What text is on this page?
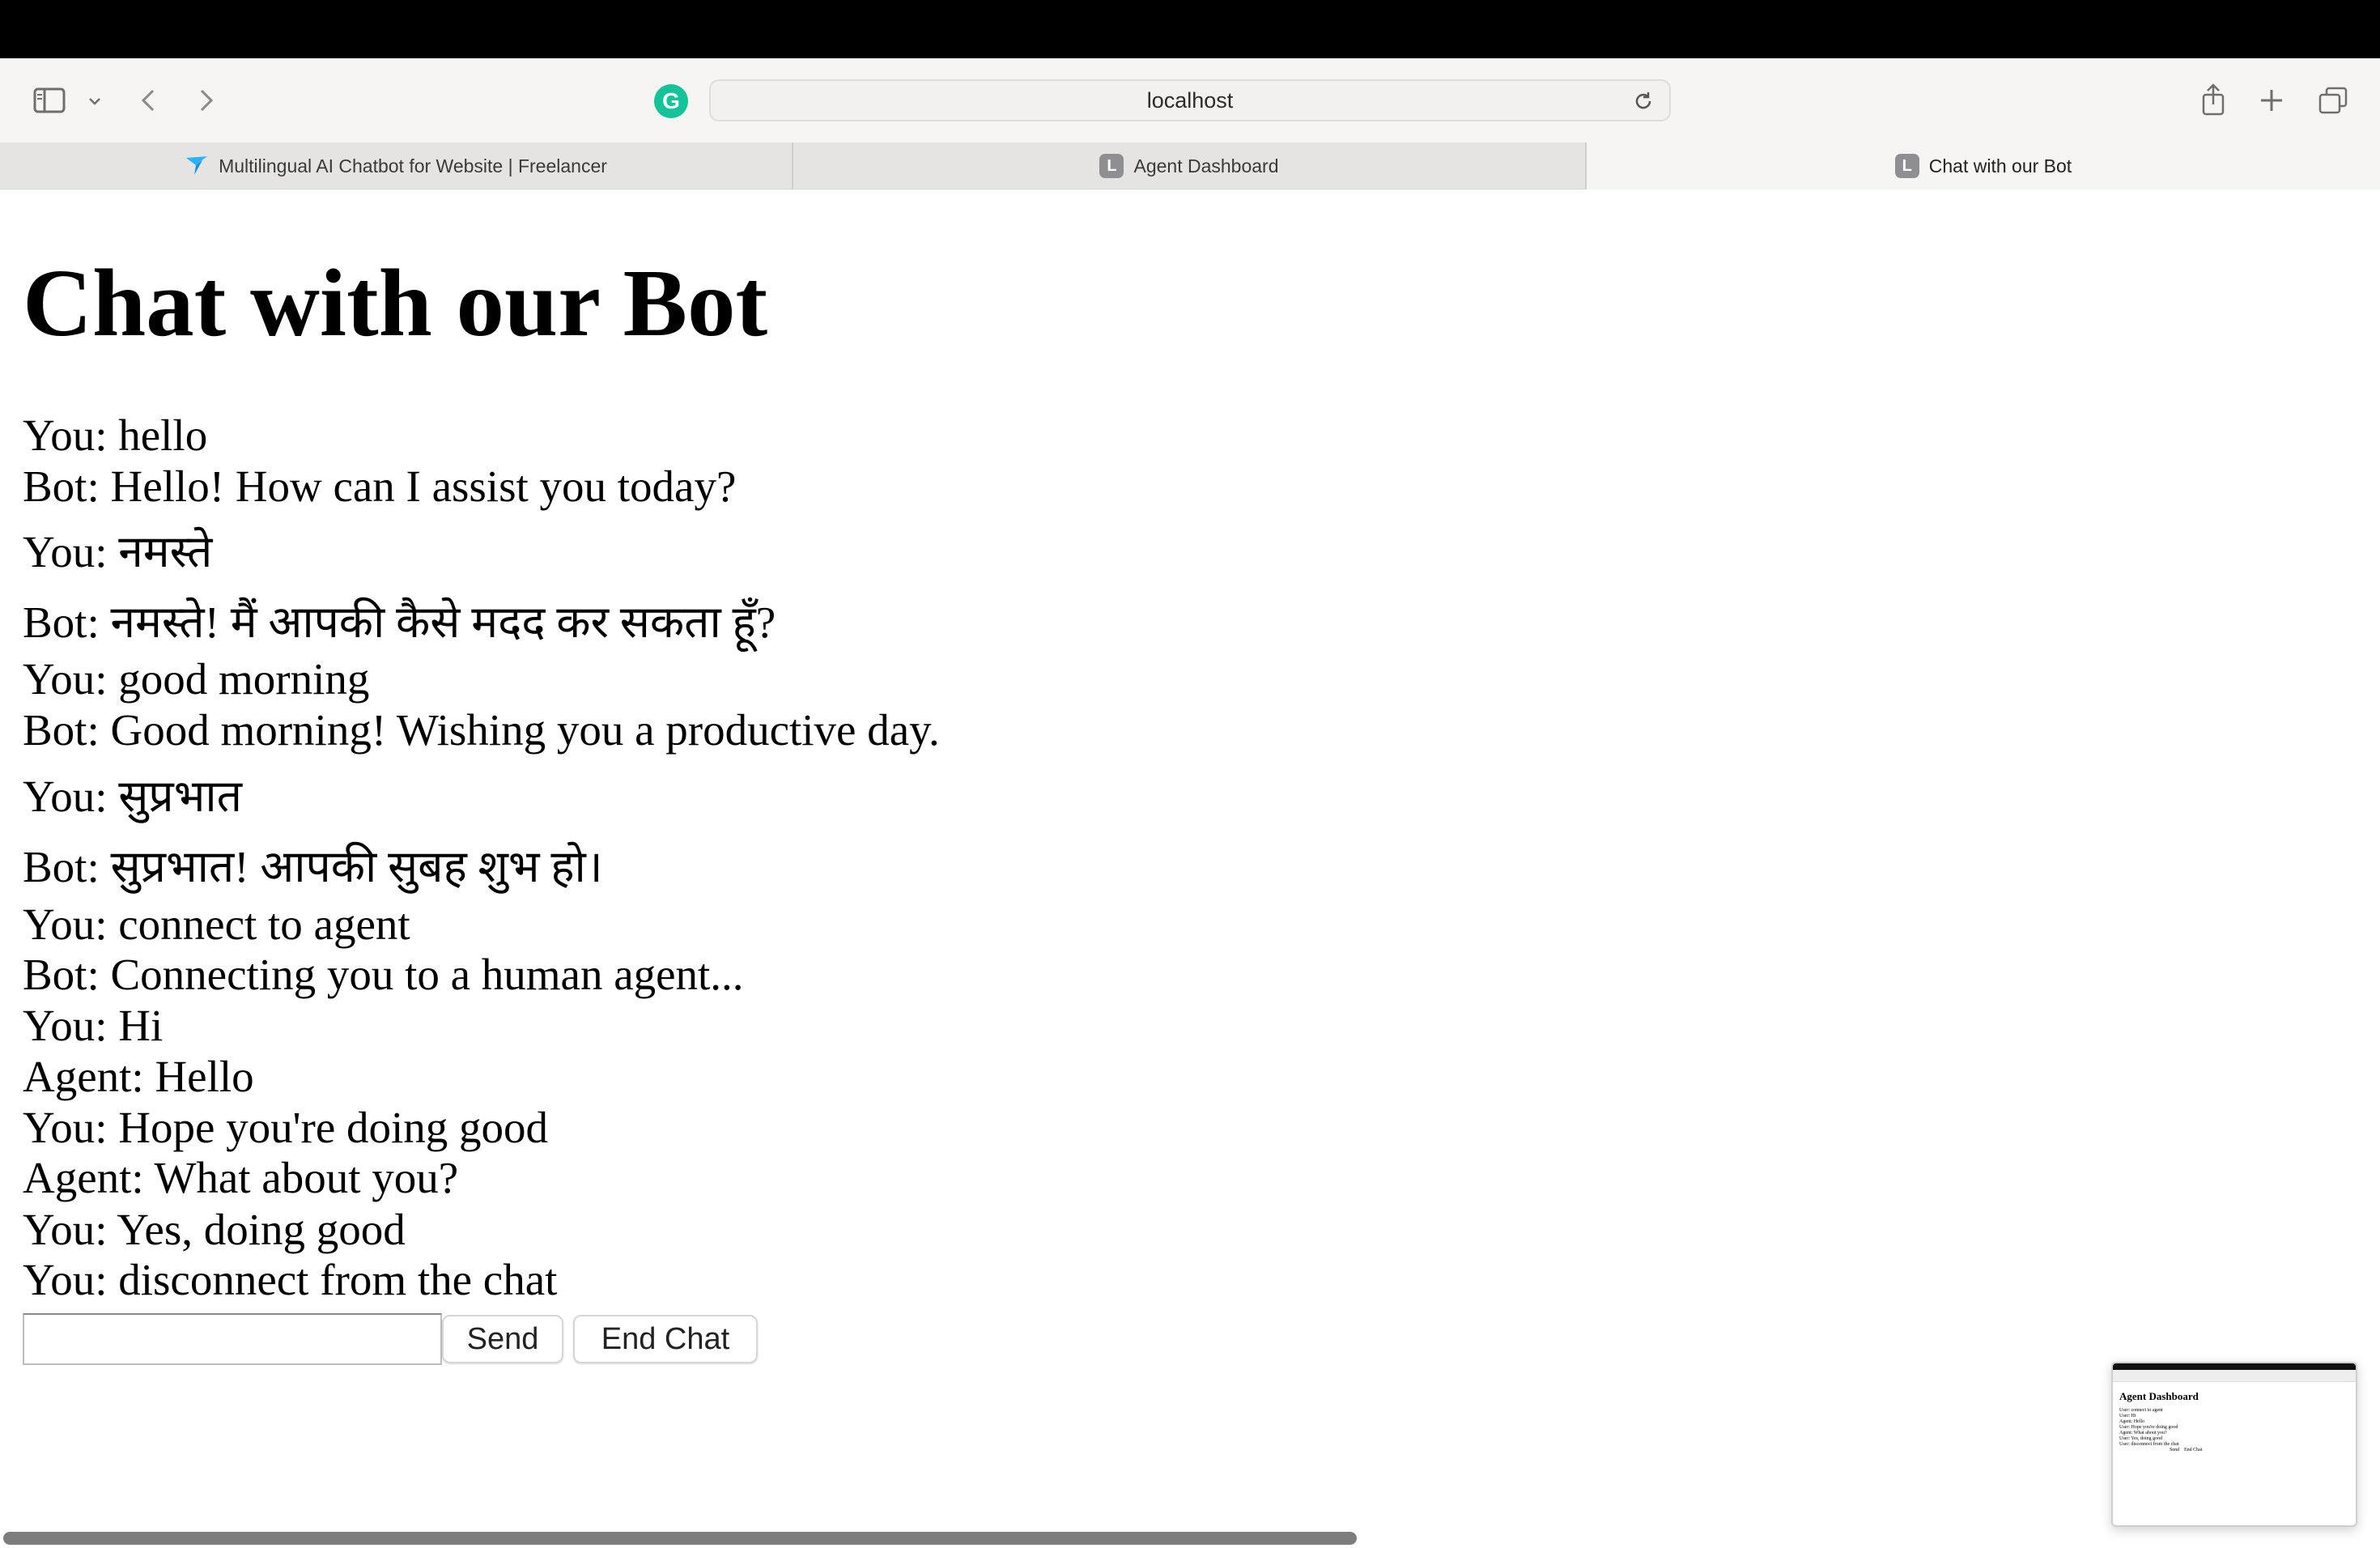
G	localhost
Multilingual AI Chatbot for Website | Freelancer	L Agent Dashboard	L Chat with our Bot
Chat with our Bot
You: hello
Bot: Hello! How can I assist you today?
You: नमस्ते
Bot: नमस्ते! मैं आपकी कैसे मदद कर सकता हूँ?
You: good morning
Bot: Good morning! Wishing you a productive day.
You: सुप्रभात
Bot: सुप्रभात! आपकी सुबह शुभ हो।
You: connect to agent
Bot: Connecting you to a human agent...
You: Hi
Agent: Hello
You: Hope you're doing good
Agent: What about you?
You: Yes, doing good
You: disconnect from the chat
Send	End Chat
Agent Dashboard
User: connect to agent
User: Hi
Agent: Hello
User: Hope you're doing good
Agent: What about you?
User: Yes, doing good
User: disconnect from the chat
Send End Chat
